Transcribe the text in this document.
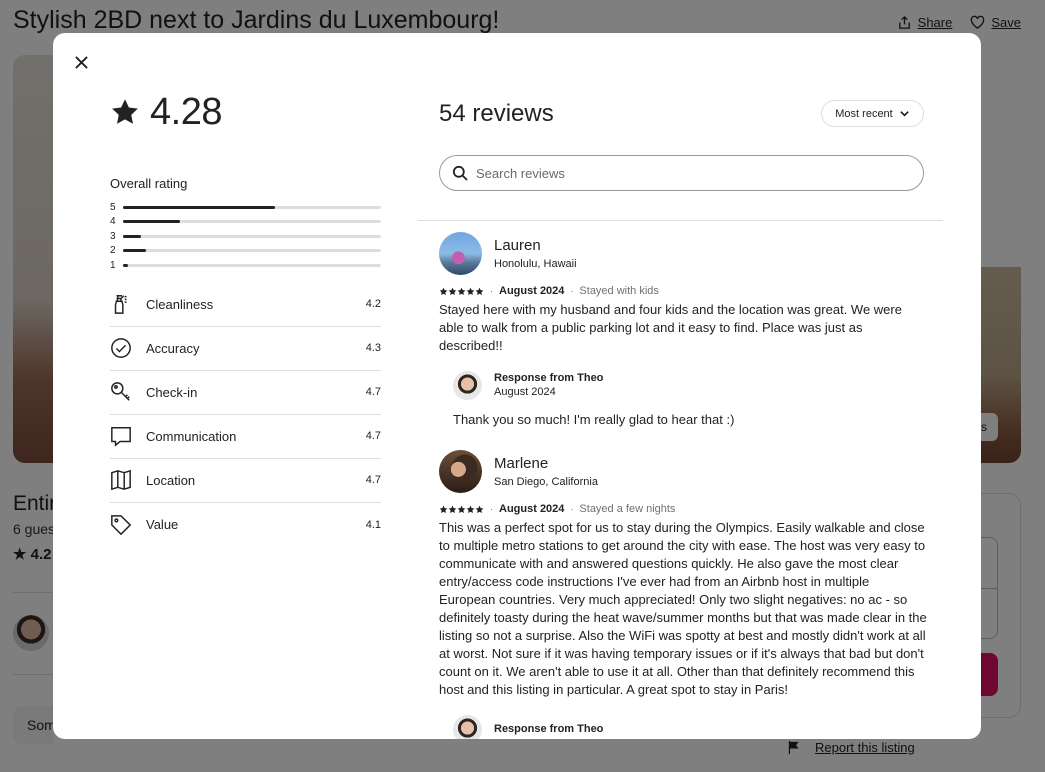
4.28
Overall rating
5
4
3
2
1
Cleanliness	4.2
Accuracy	4.3
Check-in	4.7
Communication	4.7
Location	4.7
Value	4.1
54 reviews	Most recent
Search reviews
Lauren
Honolulu, Hawaii
· August 2024 · Stayed with kids
Stayed here with my husband and four kids and the location was great. We were able to walk from a public parking lot and it easy to find. Place was just as described!!
Response from Theo
August 2024
Thank you so much! I'm really glad to hear that :)
Marlene
San Diego, California
· August 2024 · Stayed a few nights
This was a perfect spot for us to stay during the Olympics. Easily walkable and close to multiple metro stations to get around the city with ease. The host was very easy to communicate with and answered questions quickly. He also gave the most clear entry/access code instructions I've ever had from an Airbnb host in multiple European countries. Very much appreciated! Only two slight negatives: no ac - so definitely toasty during the heat wave/summer months but that was made clear in the listing so not a surprise. Also the WiFi was spotty at best and mostly didn't work at all at worst. Not sure if it was having temporary issues or if it's always that bad but don't count on it. We aren't able to use it at all. Other than that definitely recommend this host and this listing in particular. A great spot to stay in Paris!
Response from Theo
